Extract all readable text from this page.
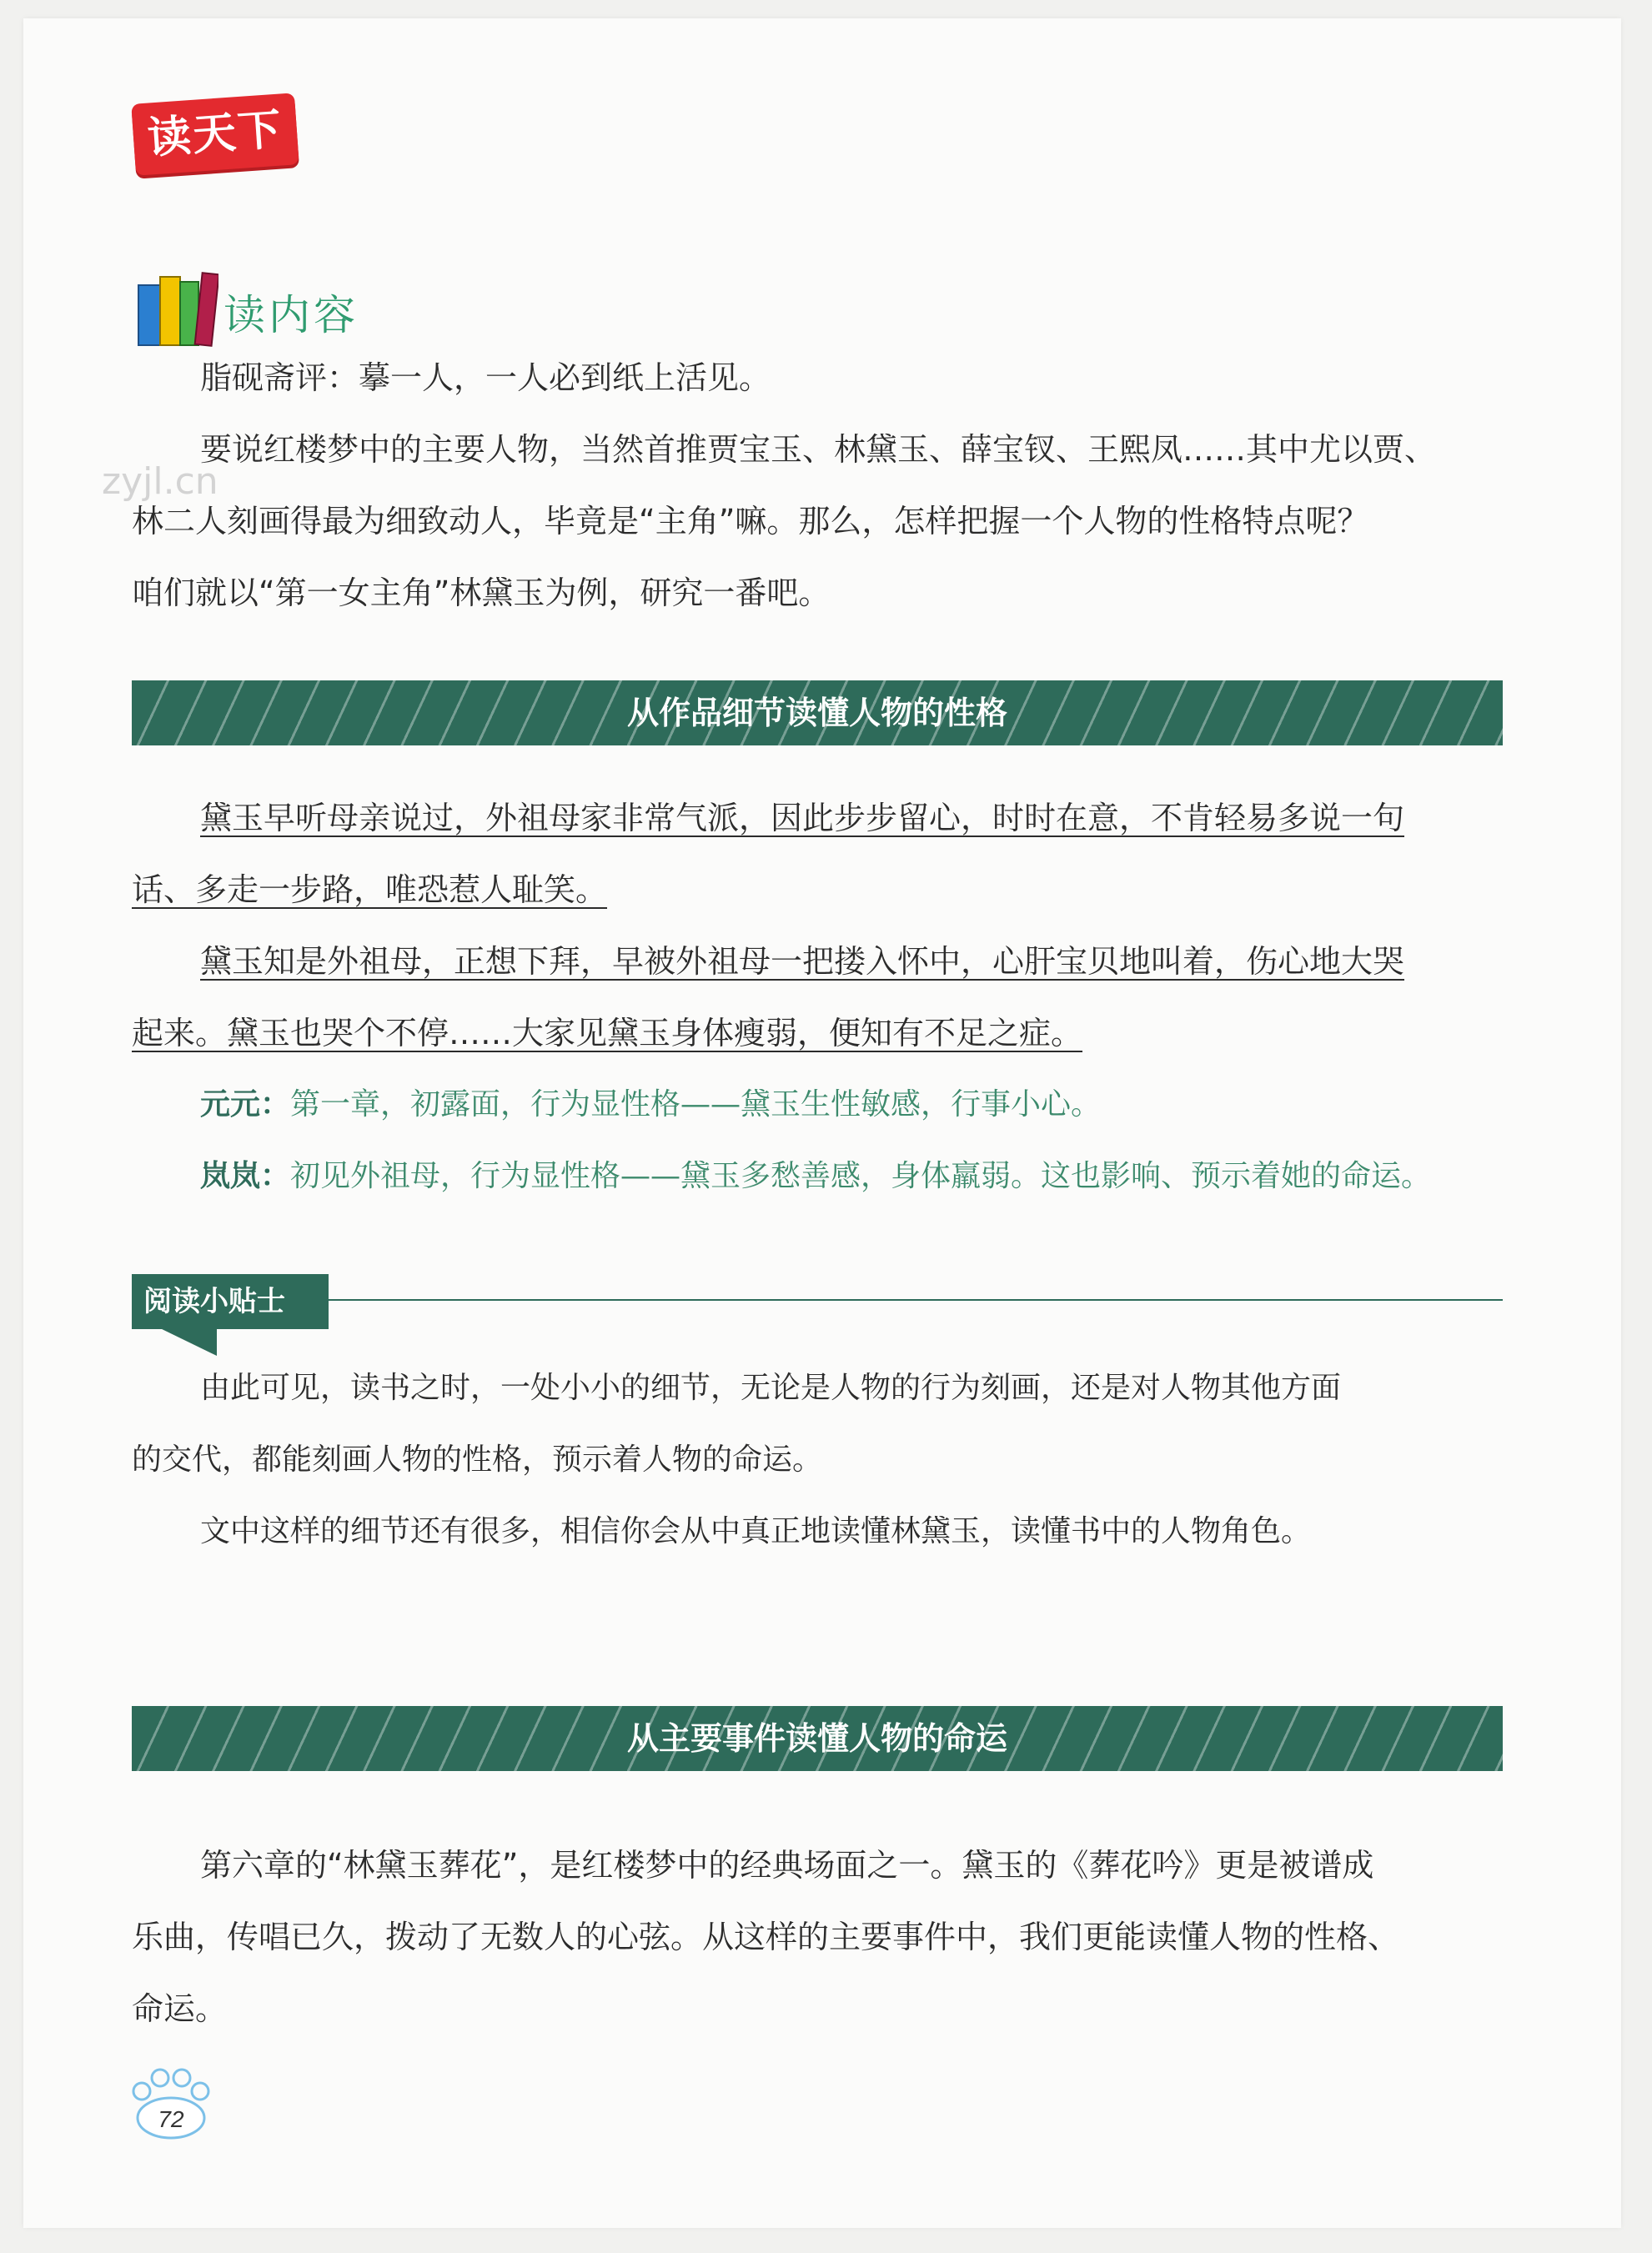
读天下
读内容

脂砚斋评：摹一人，一人必到纸上活见。

要说红楼梦中的主要人物，当然首推贾宝玉、林黛玉、薛宝钗、王熙凤……其中尤以贾、

林二人刻画得最为细致动人，毕竟是“主角”嘛。那么，怎样把握一个人物的性格特点呢？

咱们就以“第一女主角”林黛玉为例，研究一番吧。

zyjl.cn
从作品细节读懂人物的性格

黛玉早听母亲说过，外祖母家非常气派，因此步步留心，时时在意，不肯轻易多说一句

话、多走一步路，唯恐惹人耻笑。

黛玉知是外祖母，正想下拜，早被外祖母一把搂入怀中，心肝宝贝地叫着，伤心地大哭

起来。黛玉也哭个不停……大家见黛玉身体瘦弱，便知有不足之症。

元元：第一章，初露面，行为显性格——黛玉生性敏感，行事小心。
岚岚：初见外祖母，行为显性格——黛玉多愁善感，身体羸弱。这也影响、预示着她的命运。
阅读小贴士

由此可见，读书之时，一处小小的细节，无论是人物的行为刻画，还是对人物其他方面

的交代，都能刻画人物的性格，预示着人物的命运。

文中这样的细节还有很多，相信你会从中真正地读懂林黛玉，读懂书中的人物角色。

从主要事件读懂人物的命运

第六章的“林黛玉葬花”，是红楼梦中的经典场面之一。黛玉的《葬花吟》更是被谱成

乐曲，传唱已久，拨动了无数人的心弦。从这样的主要事件中，我们更能读懂人物的性格、

命运。

72
